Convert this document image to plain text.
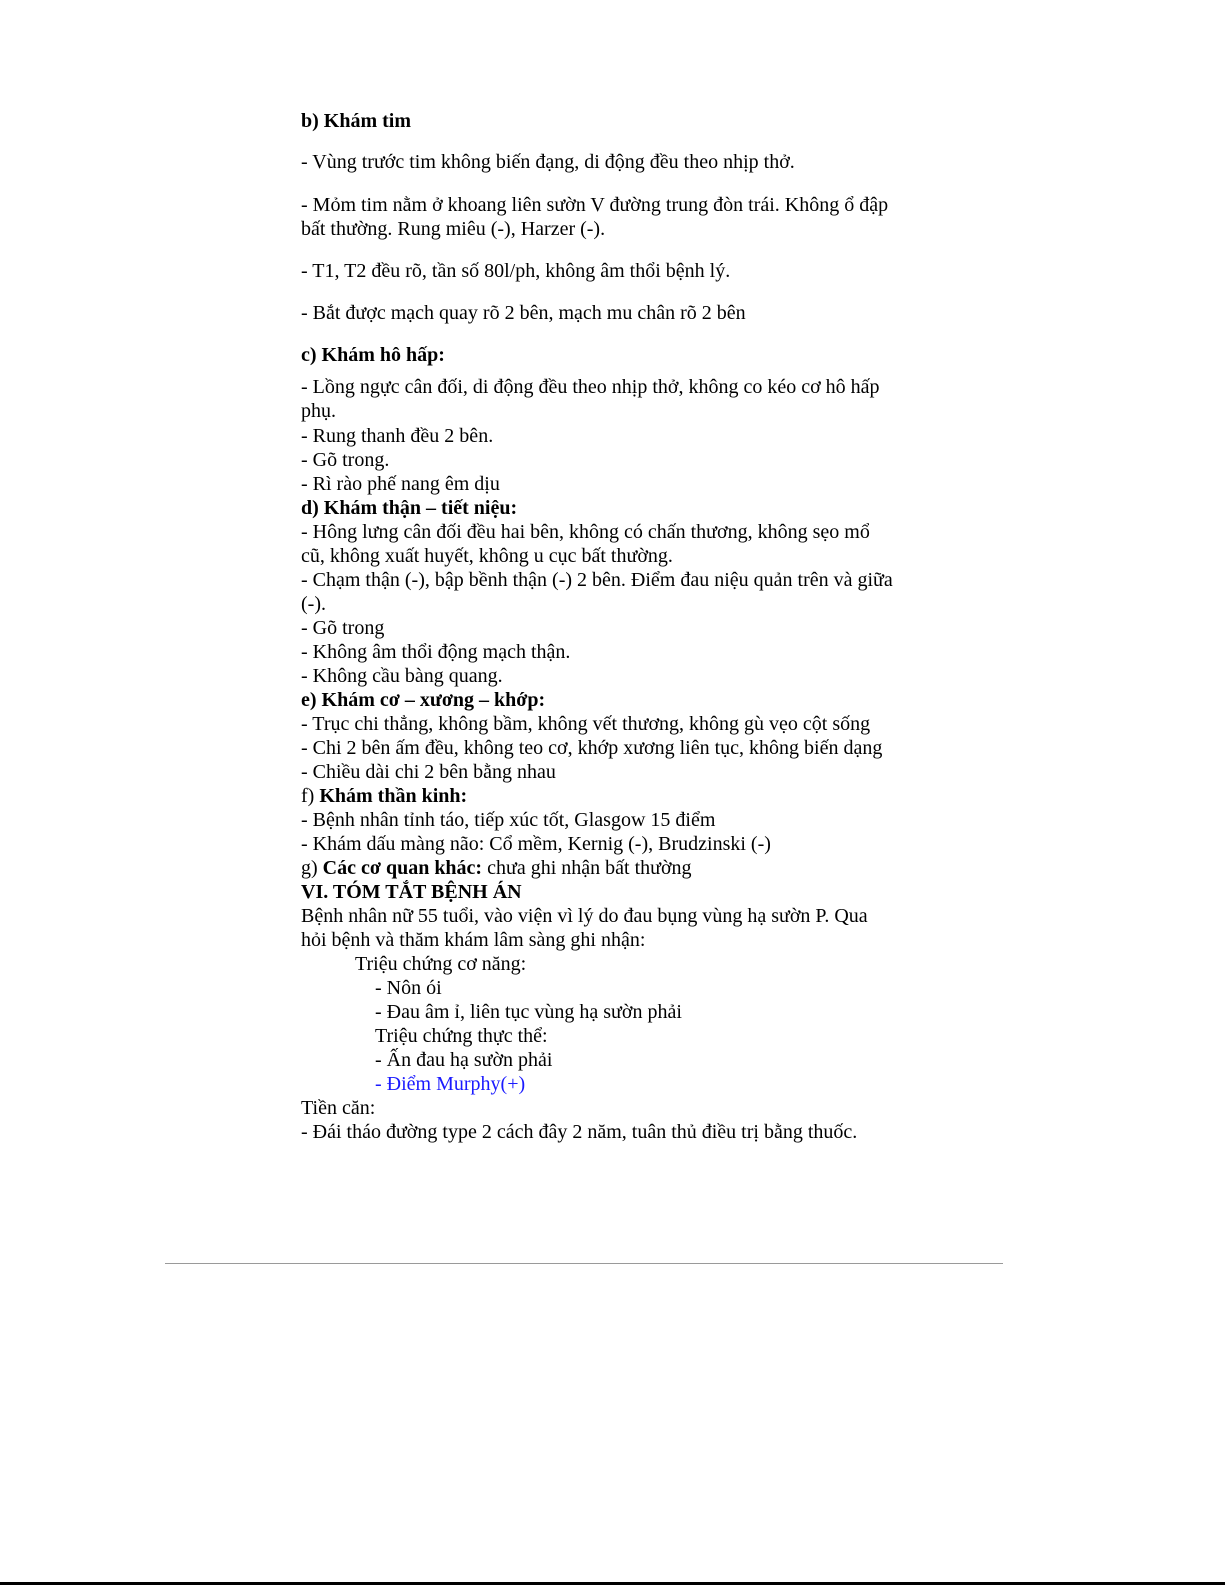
b) Khám tim
- Vùng trước tim không biến đạng, di động đều theo nhịp thở.
- Mỏm tim nằm ở khoang liên sườn V đường trung đòn trái. Không ổ đập
bất thường. Rung miêu (-), Harzer (-).
- T1, T2 đều rõ, tần số 80l/ph, không âm thổi bệnh lý.
- Bắt được mạch quay rõ 2 bên, mạch mu chân rõ 2 bên
c) Khám hô hấp:
- Lồng ngực cân đối, di động đều theo nhịp thở, không co kéo cơ hô hấp
phụ.
- Rung thanh đều 2 bên.
- Gõ trong.
- Rì rào phế nang êm dịu
d) Khám thận – tiết niệu:
- Hông lưng cân đối đều hai bên, không có chấn thương, không sẹo mổ
cũ, không xuất huyết, không u cục bất thường.
- Chạm thận (-), bập bềnh thận (-) 2 bên. Điểm đau niệu quản trên và giữa
(-).
- Gõ trong
- Không âm thổi động mạch thận.
- Không cầu bàng quang.
e) Khám cơ – xương – khớp:
- Trục chi thẳng, không bầm, không vết thương, không gù vẹo cột sống
- Chi 2 bên ấm đều, không teo cơ, khớp xương liên tục, không biến dạng
- Chiều dài chi 2 bên bằng nhau
f) Khám thần kinh:
- Bệnh nhân tỉnh táo, tiếp xúc tốt, Glasgow 15 điểm
- Khám dấu màng não: Cổ mềm, Kernig (-), Brudzinski (-)
g) Các cơ quan khác: chưa ghi nhận bất thường
VI. TÓM TẮT BỆNH ÁN
Bệnh nhân nữ 55 tuổi, vào viện vì lý do đau bụng vùng hạ sườn P. Qua
hỏi bệnh và thăm khám lâm sàng ghi nhận:
Triệu chứng cơ năng:
- Nôn ói
- Đau âm ỉ, liên tục vùng hạ sườn phải
Triệu chứng thực thể:
- Ấn đau hạ sườn phải
- Điểm Murphy(+)
Tiền căn:
- Đái tháo đường type 2 cách đây 2 năm, tuân thủ điều trị bằng thuốc.
